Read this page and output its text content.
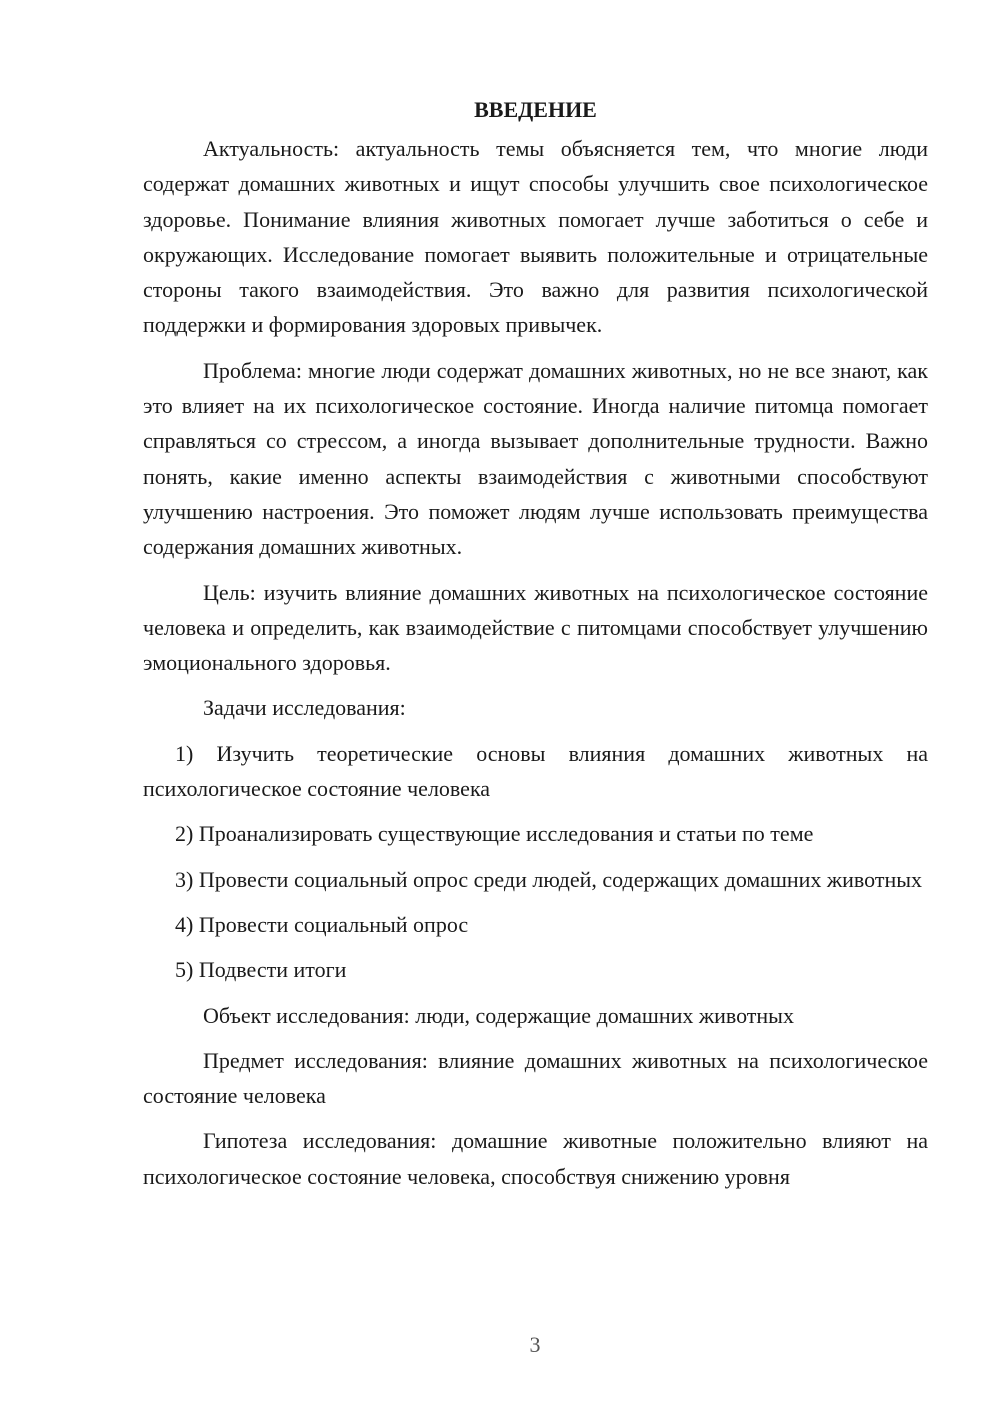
ВВЕДЕНИЕ

Актуальность: актуальность темы объясняется тем, что многие люди содержат домашних животных и ищут способы улучшить свое психологическое здоровье. Понимание влияния животных помогает лучше заботиться о себе и окружающих. Исследование помогает выявить положительные и отрицательные стороны такого взаимодействия. Это важно для развития психологической поддержки и формирования здоровых привычек.

Проблема: многие люди содержат домашних животных, но не все знают, как это влияет на их психологическое состояние. Иногда наличие питомца помогает справляться со стрессом, а иногда вызывает дополнительные трудности. Важно понять, какие именно аспекты взаимодействия с животными способствуют улучшению настроения. Это поможет людям лучше использовать преимущества содержания домашних животных.

Цель: изучить влияние домашних животных на психологическое состояние человека и определить, как взаимодействие с питомцами способствует улучшению эмоционального здоровья.

Задачи исследования:

1) Изучить теоретические основы влияния домашних животных на психологическое состояние человека

2) Проанализировать существующие исследования и статьи по теме

3) Провести социальный опрос среди людей, содержащих домашних животных

4) Провести социальный опрос

5) Подвести итоги

Объект исследования: люди, содержащие домашних животных

Предмет исследования: влияние домашних животных на психологическое состояние человека

Гипотеза исследования: домашние животные положительно влияют на психологическое состояние человека, способствуя снижению уровня

3
